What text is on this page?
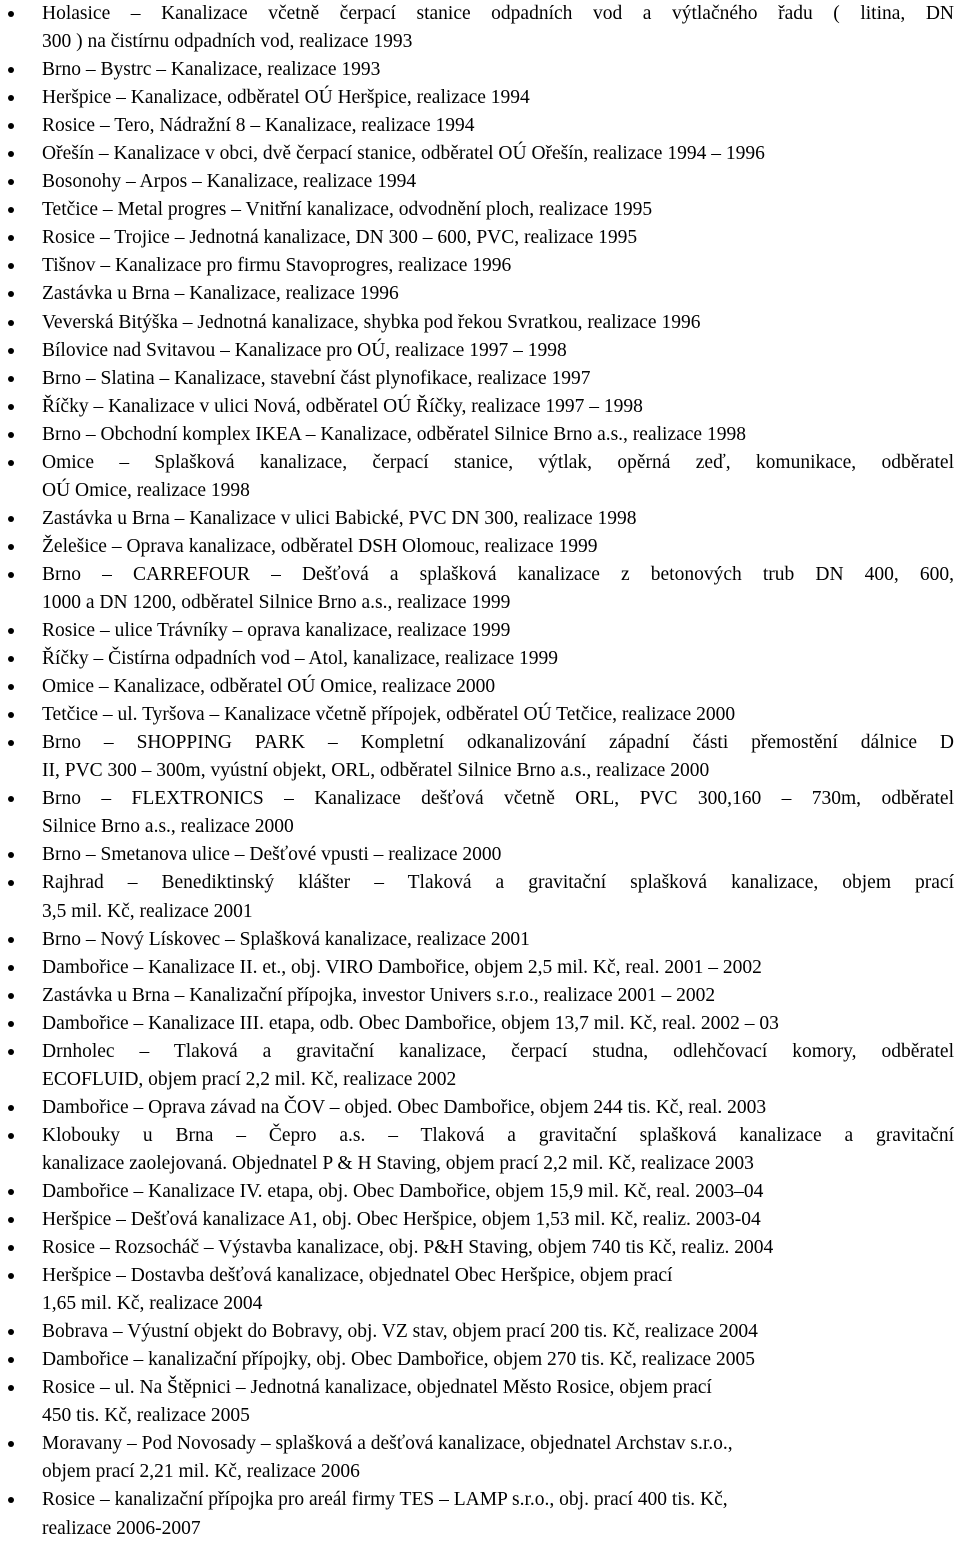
Holasice – Kanalizace včetně čerpací stanice odpadních vod a výtlačného řadu ( litina, DN
300 ) na čistírnu odpadních vod, realizace 1993
Brno – Bystrc – Kanalizace, realizace 1993
Heršpice – Kanalizace, odběratel OÚ Heršpice, realizace 1994
Rosice – Tero, Nádražní 8 – Kanalizace, realizace 1994
Ořešín – Kanalizace v obci, dvě čerpací stanice, odběratel OÚ Ořešín, realizace 1994 – 1996
Bosonohy – Arpos – Kanalizace, realizace 1994
Tetčice – Metal progres – Vnitřní kanalizace, odvodnění ploch, realizace 1995
Rosice – Trojice – Jednotná kanalizace, DN 300 – 600, PVC, realizace 1995
Tišnov – Kanalizace pro firmu Stavoprogres, realizace 1996
Zastávka u Brna – Kanalizace, realizace 1996
Veverská Bitýška – Jednotná kanalizace, shybka pod řekou Svratkou, realizace 1996
Bílovice nad Svitavou – Kanalizace pro OÚ, realizace 1997 – 1998
Brno – Slatina – Kanalizace, stavební část plynofikace, realizace 1997
Říčky – Kanalizace v ulici Nová, odběratel OÚ Říčky, realizace 1997 – 1998
Brno – Obchodní komplex IKEA – Kanalizace, odběratel Silnice Brno a.s., realizace 1998
Omice – Splašková kanalizace, čerpací stanice, výtlak, opěrná zeď, komunikace, odběratel
OÚ Omice, realizace 1998
Zastávka u Brna – Kanalizace v ulici Babické, PVC DN 300, realizace 1998
Želešice – Oprava kanalizace, odběratel DSH Olomouc, realizace 1999
Brno – CARREFOUR – Dešťová a splašková kanalizace z betonových trub DN 400, 600,
1000 a DN 1200, odběratel Silnice Brno a.s., realizace 1999
Rosice – ulice Trávníky – oprava kanalizace, realizace 1999
Říčky – Čistírna odpadních vod – Atol, kanalizace, realizace 1999
Omice – Kanalizace, odběratel OÚ Omice, realizace 2000
Tetčice – ul. Tyršova – Kanalizace včetně přípojek, odběratel OÚ Tetčice, realizace 2000
Brno – SHOPPING PARK – Kompletní odkanalizování západní části přemostění dálnice D
II, PVC 300 – 300m, vyústní objekt, ORL, odběratel Silnice Brno a.s., realizace 2000
Brno – FLEXTRONICS – Kanalizace dešťová včetně ORL, PVC 300,160 – 730m, odběratel
Silnice Brno a.s., realizace 2000
Brno – Smetanova ulice – Dešťové vpusti – realizace 2000
Rajhrad – Benediktinský klášter – Tlaková a gravitační splašková kanalizace, objem prací
3,5 mil. Kč, realizace 2001
Brno – Nový Lískovec – Splašková kanalizace, realizace 2001
Dambořice – Kanalizace II. et., obj. VIRO Dambořice, objem 2,5 mil. Kč, real. 2001 – 2002
Zastávka u Brna – Kanalizační přípojka, investor Univers s.r.o., realizace 2001 – 2002
Dambořice – Kanalizace III. etapa, odb. Obec Dambořice, objem 13,7 mil. Kč, real. 2002 – 03
Drnholec – Tlaková a gravitační kanalizace, čerpací studna, odlehčovací komory, odběratel
ECOFLUID, objem prací 2,2 mil. Kč, realizace 2002
Dambořice – Oprava závad na ČOV – objed. Obec Dambořice, objem 244 tis. Kč, real. 2003
Klobouky u Brna – Čepro a.s. – Tlaková a gravitační splašková kanalizace a gravitační
kanalizace zaolejovaná. Objednatel P & H Staving, objem prací 2,2 mil. Kč, realizace 2003
Dambořice – Kanalizace IV. etapa, obj. Obec Dambořice, objem 15,9 mil. Kč, real. 2003–04
Heršpice – Dešťová kanalizace A1, obj. Obec Heršpice, objem 1,53 mil. Kč, realiz. 2003-04
Rosice – Rozsocháč – Výstavba kanalizace, obj. P&H Staving, objem 740 tis Kč, realiz. 2004
Heršpice – Dostavba dešťová kanalizace, objednatel Obec Heršpice, objem prací
1,65 mil. Kč, realizace 2004
Bobrava – Výustní objekt do Bobravy, obj. VZ stav, objem prací 200 tis. Kč, realizace 2004
Dambořice – kanalizační přípojky, obj. Obec Dambořice, objem 270 tis. Kč, realizace 2005
Rosice – ul. Na Štěpnici – Jednotná kanalizace, objednatel Město Rosice, objem prací
450 tis. Kč, realizace 2005
Moravany – Pod Novosady – splašková a dešťová kanalizace, objednatel Archstav s.r.o.,
objem prací 2,21 mil. Kč, realizace 2006
Rosice – kanalizační přípojka pro areál firmy TES – LAMP s.r.o., obj. prací 400 tis. Kč,
realizace 2006-2007
